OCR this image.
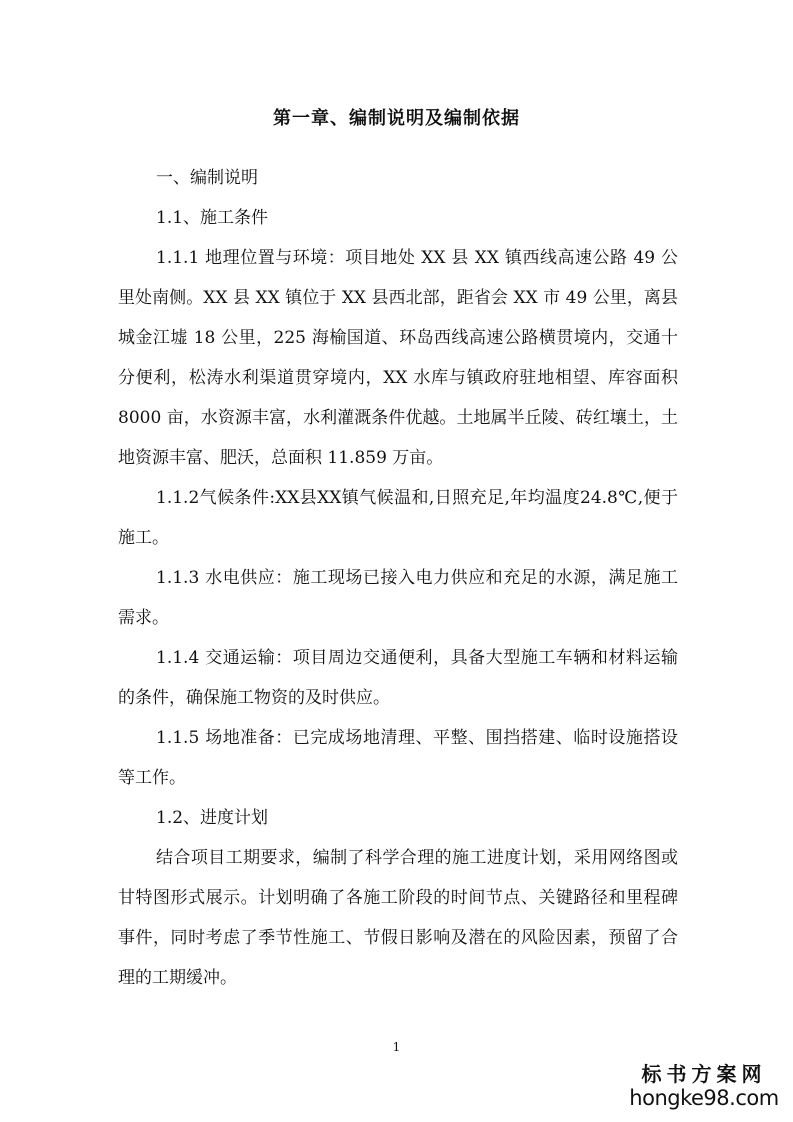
第一章、编制说明及编制依据

一、编制说明

1.1、施工条件

1.1.1 地理位置与环境：项目地处 XX 县 XX 镇西线高速公路 49 公里处南侧。XX 县 XX 镇位于 XX 县西北部，距省会 XX 市 49 公里，离县城金江墟 18 公里，225 海榆国道、环岛西线高速公路横贯境内，交通十分便利，松涛水利渠道贯穿境内，XX 水库与镇政府驻地相望、库容面积 8000 亩，水资源丰富，水利灌溉条件优越。土地属半丘陵、砖红壤土，土地资源丰富、肥沃，总面积 11.859 万亩。

1.1.2气候条件:XX县XX镇气候温和,日照充足,年均温度24.8℃,便于施工。

1.1.3 水电供应：施工现场已接入电力供应和充足的水源，满足施工需求。

1.1.4 交通运输：项目周边交通便利，具备大型施工车辆和材料运输的条件，确保施工物资的及时供应。

1.1.5 场地准备：已完成场地清理、平整、围挡搭建、临时设施搭设等工作。

1.2、进度计划

结合项目工期要求，编制了科学合理的施工进度计划，采用网络图或甘特图形式展示。计划明确了各施工阶段的时间节点、关键路径和里程碑事件，同时考虑了季节性施工、节假日影响及潜在的风险因素，预留了合理的工期缓冲。

1
标书方案网
hongke98.com
